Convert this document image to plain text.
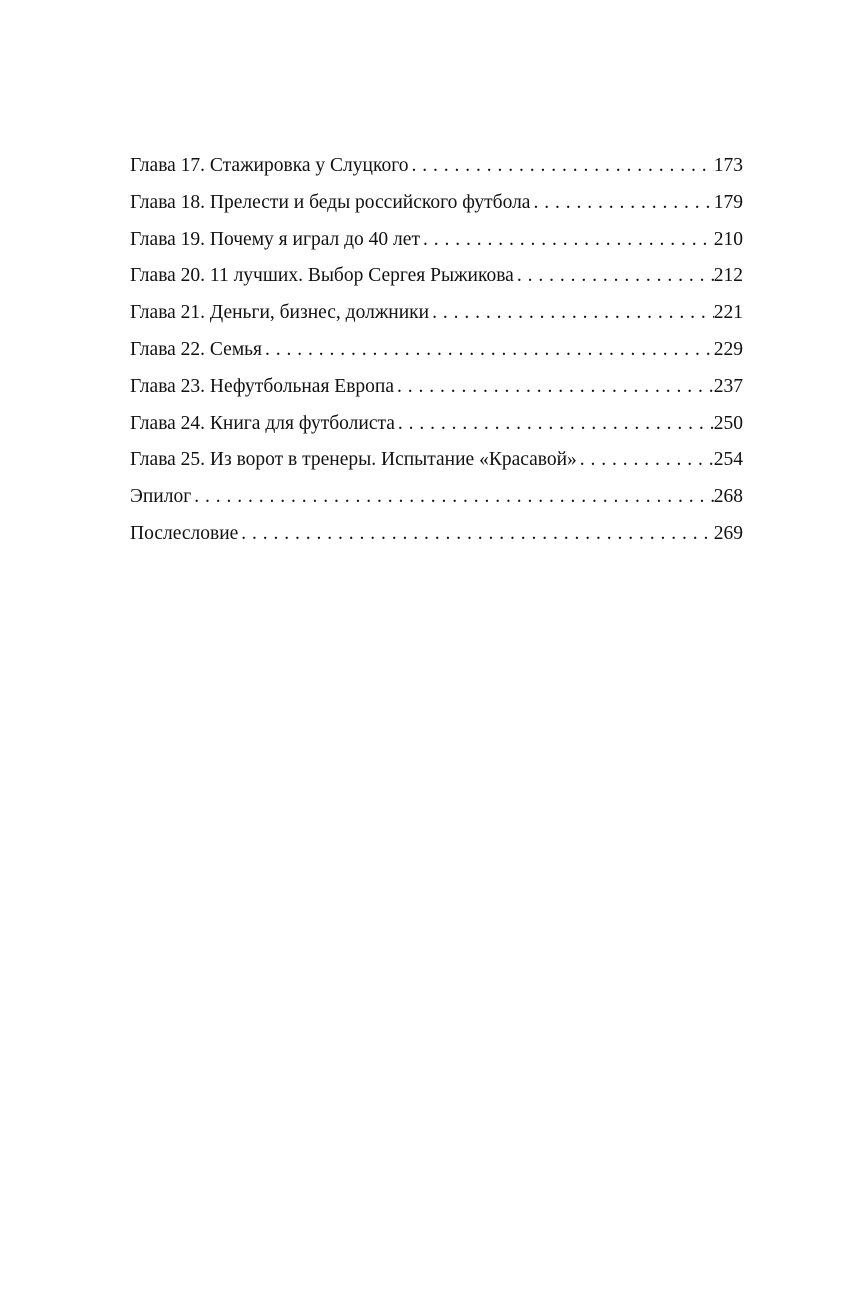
Глава 17. Стажировка у Слуцкого . . .	173
Глава 18. Прелести и беды российского футбола . . .	179
Глава 19. Почему я играл до 40 лет . . .	210
Глава 20. 11 лучших. Выбор Сергея Рыжикова . . .	212
Глава 21. Деньги, бизнес, должники . . .	221
Глава 22. Семья . . .	229
Глава 23. Нефутбольная Европа . . .	237
Глава 24. Книга для футболиста . . .	250
Глава 25. Из ворот в тренеры. Испытание «Красавой» . . .	254
Эпилог . . .	268
Послесловие . . .	269
